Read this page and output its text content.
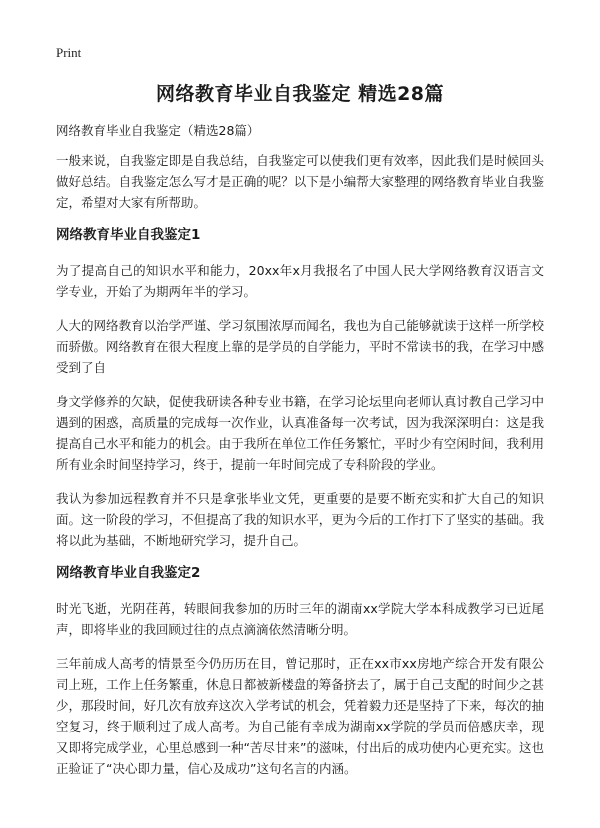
Print
网络教育毕业自我鉴定 精选28篇

网络教育毕业自我鉴定（精选28篇）

一般来说，自我鉴定即是自我总结，自我鉴定可以使我们更有效率，因此我们是时候回头做好总结。自我鉴定怎么写才是正确的呢？以下是小编帮大家整理的网络教育毕业自我鉴定，希望对大家有所帮助。

网络教育毕业自我鉴定1

为了提高自己的知识水平和能力，20xx年x月我报名了中国人民大学网络教育汉语言文学专业，开始了为期两年半的学习。

人大的网络教育以治学严谨、学习氛围浓厚而闻名，我也为自己能够就读于这样一所学校而骄傲。网络教育在很大程度上靠的是学员的自学能力，平时不常读书的我，在学习中感受到了自

身文学修养的欠缺，促使我研读各种专业书籍，在学习论坛里向老师认真讨教自己学习中遇到的困惑，高质量的完成每一次作业，认真准备每一次考试，因为我深深明白：这是我提高自己水平和能力的机会。由于我所在单位工作任务繁忙，平时少有空闲时间，我利用所有业余时间坚持学习，终于，提前一年时间完成了专科阶段的学业。

我认为参加远程教育并不只是拿张毕业文凭，更重要的是要不断充实和扩大自己的知识面。这一阶段的学习，不但提高了我的知识水平，更为今后的工作打下了坚实的基础。我将以此为基础，不断地研究学习，提升自己。

网络教育毕业自我鉴定2

时光飞逝，光阴荏苒，转眼间我参加的历时三年的湖南xx学院大学本科成教学习已近尾声，即将毕业的我回顾过往的点点滴滴依然清晰分明。

三年前成人高考的情景至今仍历历在目，曾记那时，正在xx市xx房地产综合开发有限公司上班，工作上任务繁重，休息日都被新楼盘的筹备挤去了，属于自己支配的时间少之甚少，那段时间，好几次有放弃这次入学考试的机会，凭着毅力还是坚持了下来，每次的抽空复习，终于顺利过了成人高考。为自己能有幸成为湖南xx学院的学员而倍感庆幸，现又即将完成学业，心里总感到一种“苦尽甘来”的滋味，付出后的成功使内心更充实。这也正验证了“决心即力量，信心及成功”这句名言的内涵。
